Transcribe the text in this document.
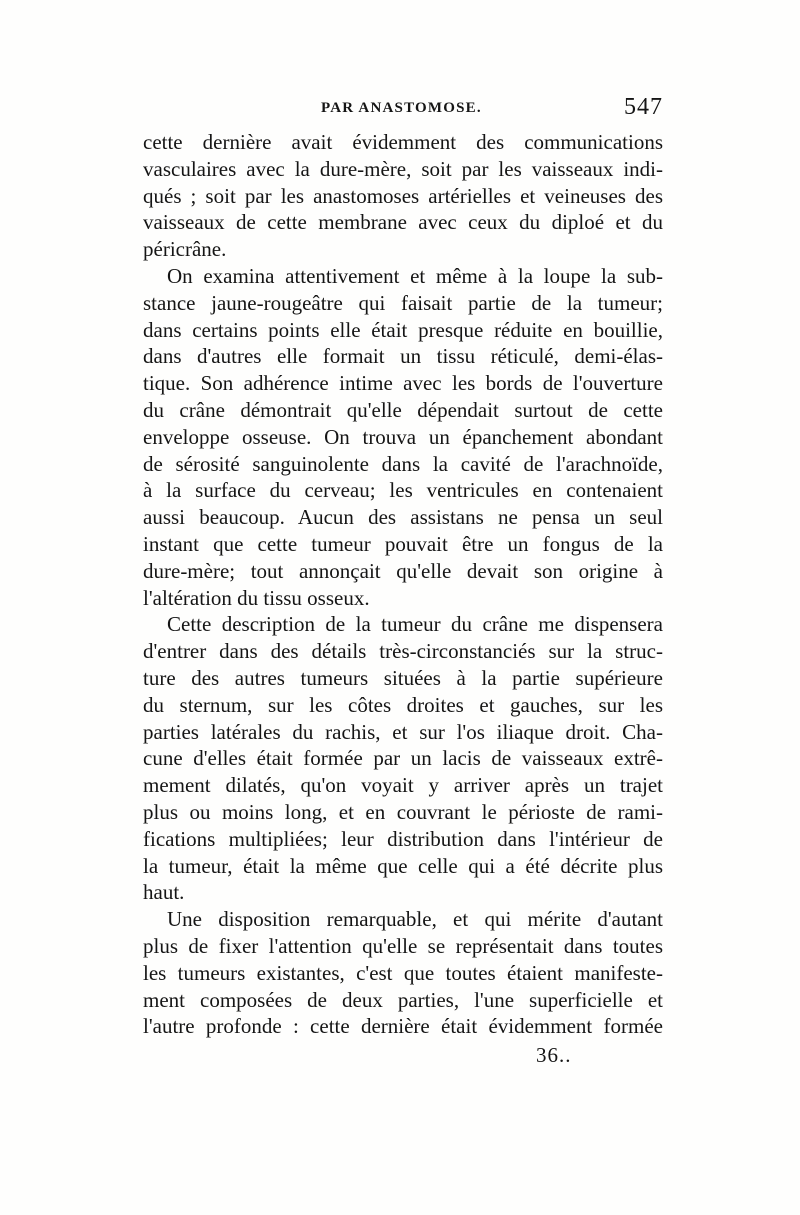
PAR ANASTOMOSE.	547
cette dernière avait évidemment des communications
vasculaires avec la dure-mère, soit par les vaisseaux indi-
qués ; soit par les anastomoses artérielles et veineuses des
vaisseaux de cette membrane avec ceux du diploé et du
péricrâne.
On examina attentivement et même à la loupe la sub-
stance jaune-rougeâtre qui faisait partie de la tumeur;
dans certains points elle était presque réduite en bouillie,
dans d'autres elle formait un tissu réticulé, demi-élas-
tique. Son adhérence intime avec les bords de l'ouverture
du crâne démontrait qu'elle dépendait surtout de cette
enveloppe osseuse. On trouva un épanchement abondant
de sérosité sanguinolente dans la cavité de l'arachnoïde,
à la surface du cerveau; les ventricules en contenaient
aussi beaucoup. Aucun des assistans ne pensa un seul
instant que cette tumeur pouvait être un fongus de la
dure-mère; tout annonçait qu'elle devait son origine à
l'altération du tissu osseux.
Cette description de la tumeur du crâne me dispensera
d'entrer dans des détails très-circonstanciés sur la struc-
ture des autres tumeurs situées à la partie supérieure
du sternum, sur les côtes droites et gauches, sur les
parties latérales du rachis, et sur l'os iliaque droit. Cha-
cune d'elles était formée par un lacis de vaisseaux extrê-
mement dilatés, qu'on voyait y arriver après un trajet
plus ou moins long, et en couvrant le périoste de rami-
fications multipliées; leur distribution dans l'intérieur de
la tumeur, était la même que celle qui a été décrite plus
haut.
Une disposition remarquable, et qui mérite d'autant
plus de fixer l'attention qu'elle se représentait dans toutes
les tumeurs existantes, c'est que toutes étaient manifeste-
ment composées de deux parties, l'une superficielle et
l'autre profonde : cette dernière était évidemment formée
36..
